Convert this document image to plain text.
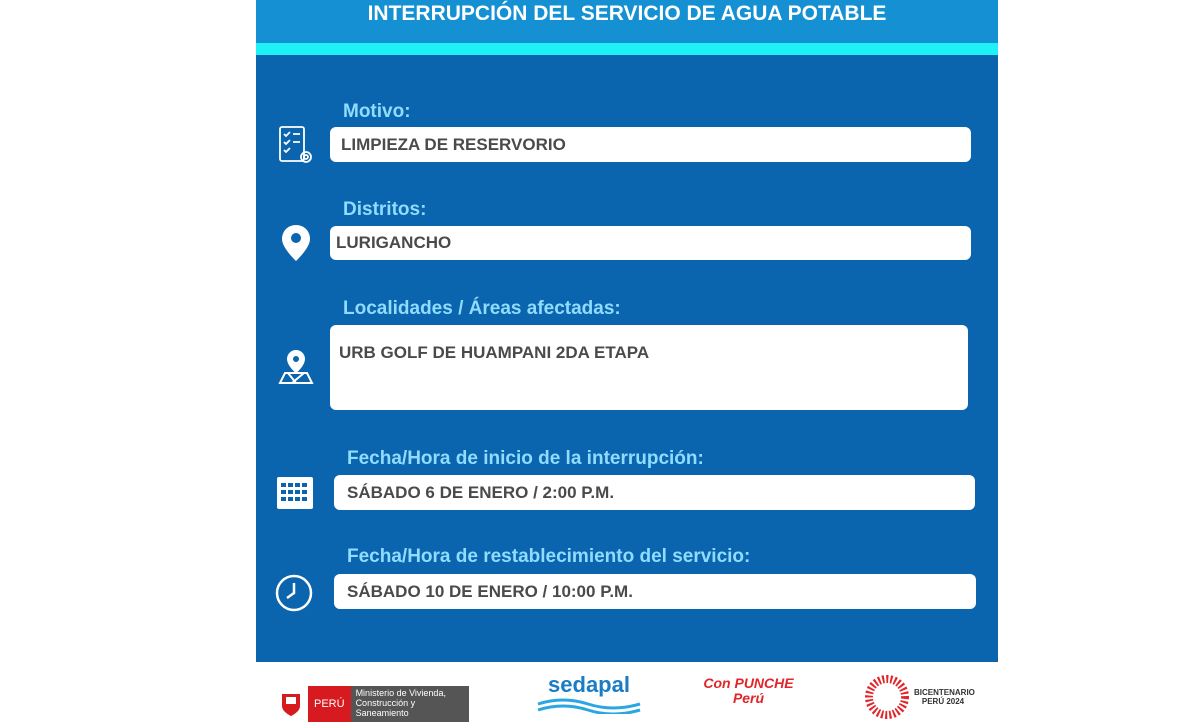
INTERRUPCIÓN DEL SERVICIO DE AGUA POTABLE
Motivo:
LIMPIEZA DE RESERVORIO
Distritos:
LURIGANCHO
Localidades / Áreas afectadas:
URB GOLF DE HUAMPANI 2DA ETAPA
Fecha/Hora de inicio de la interrupción:
SÁBADO 6 DE ENERO / 2:00 P.M.
Fecha/Hora de restablecimiento del servicio:
SÁBADO 10 DE ENERO / 10:00 P.M.
PERÚ
Ministerio de Vivienda, Construcción y Saneamiento
sedapal	Con PUNCHE Perú	BICENTENARIO PERÚ 2024
